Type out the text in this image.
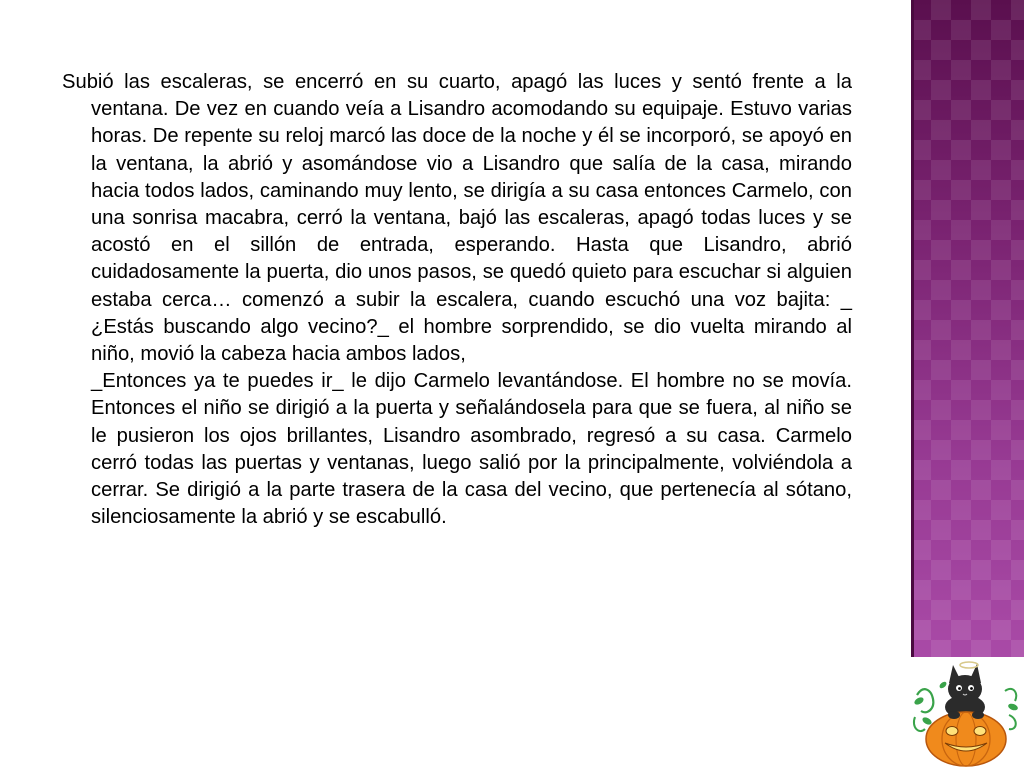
Subió las escaleras, se encerró en su cuarto, apagó las luces y sentó frente a la ventana. De vez en cuando veía a Lisandro acomodando su equipaje. Estuvo varias horas. De repente su reloj marcó las doce de la noche y él se incorporó, se apoyó en la ventana, la abrió y asomándose vio a Lisandro que salía de la casa, mirando hacia todos lados, caminando muy lento, se dirigía a su casa entonces Carmelo, con una sonrisa macabra, cerró la ventana, bajó las escaleras, apagó todas luces y se acostó en el sillón de entrada, esperando. Hasta que Lisandro, abrió cuidadosamente la puerta, dio unos pasos, se quedó quieto para escuchar si alguien estaba cerca… comenzó a subir la escalera, cuando escuchó una voz bajita: _ ¿Estás buscando algo vecino?_ el hombre sorprendido, se dio vuelta mirando al niño, movió la cabeza hacia ambos lados,

_Entonces ya te puedes ir_ le dijo Carmelo levantándose. El hombre no se movía. Entonces el niño se dirigió a la puerta y señalándosela para que se fuera, al niño se le pusieron los ojos brillantes, Lisandro asombrado, regresó a su casa. Carmelo cerró todas las puertas y ventanas, luego salió por la principalmente, volviéndola a cerrar. Se dirigió a la parte trasera de la casa del vecino, que pertenecía al sótano, silenciosamente la abrió y se escabulló.
